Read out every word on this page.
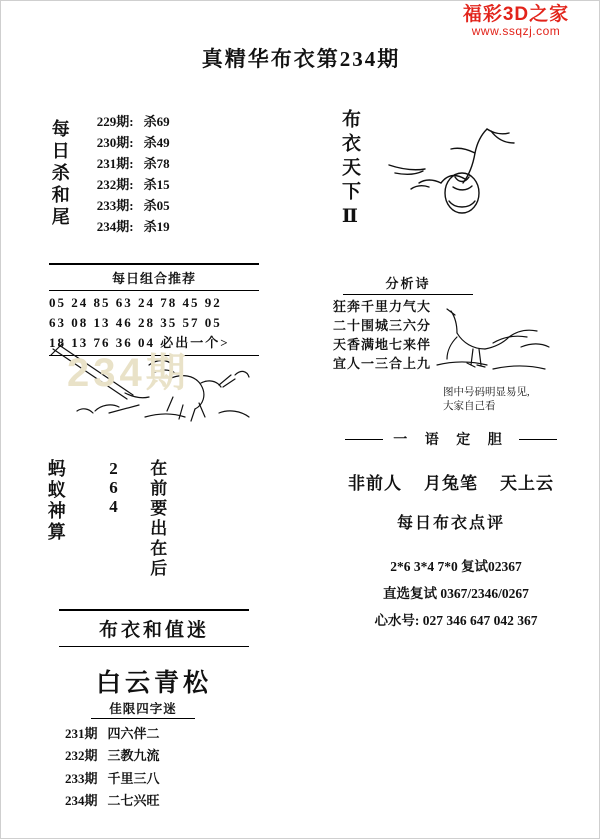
福彩3D之家
www.ssqzj.com
真精华布衣第234期
每日杀和尾 229期: 杀69
230期: 杀49
231期: 杀78
232期: 杀15
233期: 杀05
234期: 杀19	布衣天下Ⅱ
每日组合推荐
05 24 85 63 24 78 45 92
63 08 13 46 28 35 57 05
18 13 76 36 04 必出一个>
234期
分析诗
狂奔千里力气大
二十围城三六分
天香满地七来伴
宜人一三合上九
图中号码明显易见,
大家自己看
蚂蚁神算 264 在前要出在后
一 语 定 胆
非前人 月兔笔 天上云
每日布衣点评
2*6 3*4 7*0 复试02367
直选复试 0367/2346/0267
心水号: 027 346 647 042 367
布衣和值迷
白云青松
佳限四字迷
231期 四六伴二
232期 三教九流
233期 千里三八
234期 二七兴旺
